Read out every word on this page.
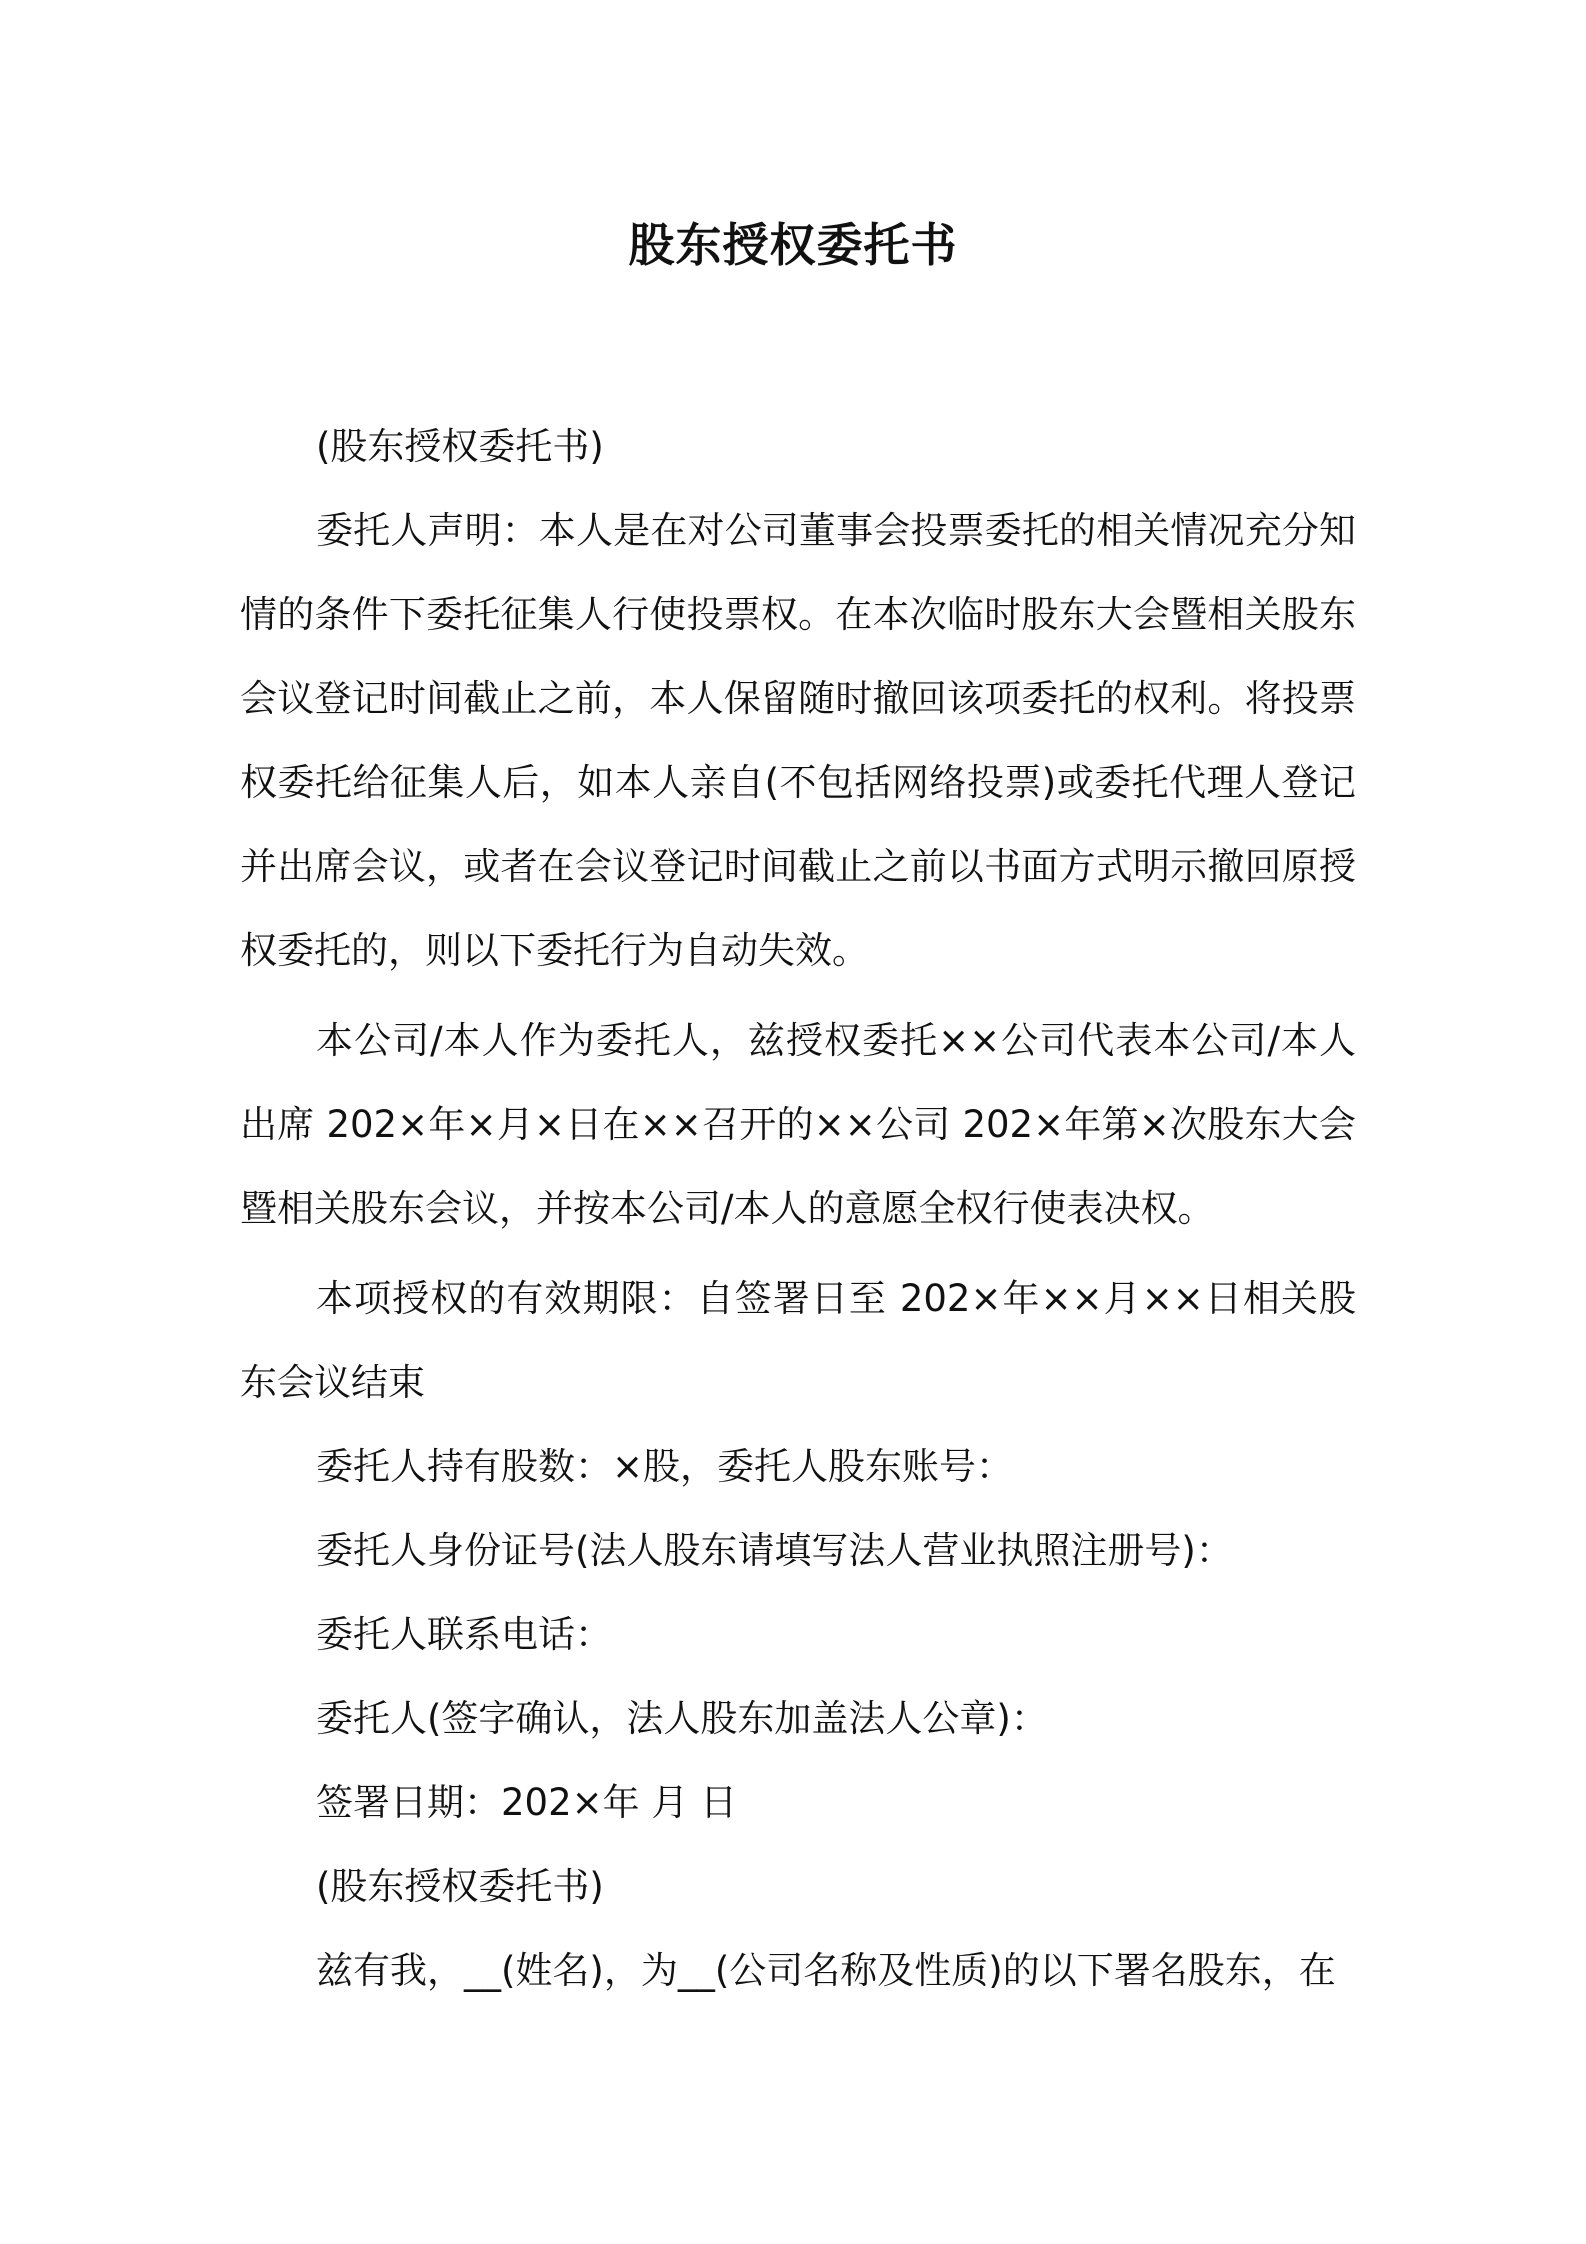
股东授权委托书

(股东授权委托书)

委托人声明：本人是在对公司董事会投票委托的相关情况充分知情的条件下委托征集人行使投票权。在本次临时股东大会暨相关股东会议登记时间截止之前，本人保留随时撤回该项委托的权利。将投票权委托给征集人后，如本人亲自(不包括网络投票)或委托代理人登记并出席会议，或者在会议登记时间截止之前以书面方式明示撤回原授权委托的，则以下委托行为自动失效。

本公司/本人作为委托人，兹授权委托××公司代表本公司/本人出席 202×年×月×日在××召开的××公司 202×年第×次股东大会暨相关股东会议，并按本公司/本人的意愿全权行使表决权。

本项授权的有效期限：自签署日至 202×年××月××日相关股东会议结束

委托人持有股数：×股，委托人股东账号：

委托人身份证号(法人股东请填写法人营业执照注册号)：

委托人联系电话：

委托人(签字确认，法人股东加盖法人公章)：

签署日期：202×年 月 日

(股东授权委托书)

兹有我，__(姓名)，为__(公司名称及性质)的以下署名股东，在
